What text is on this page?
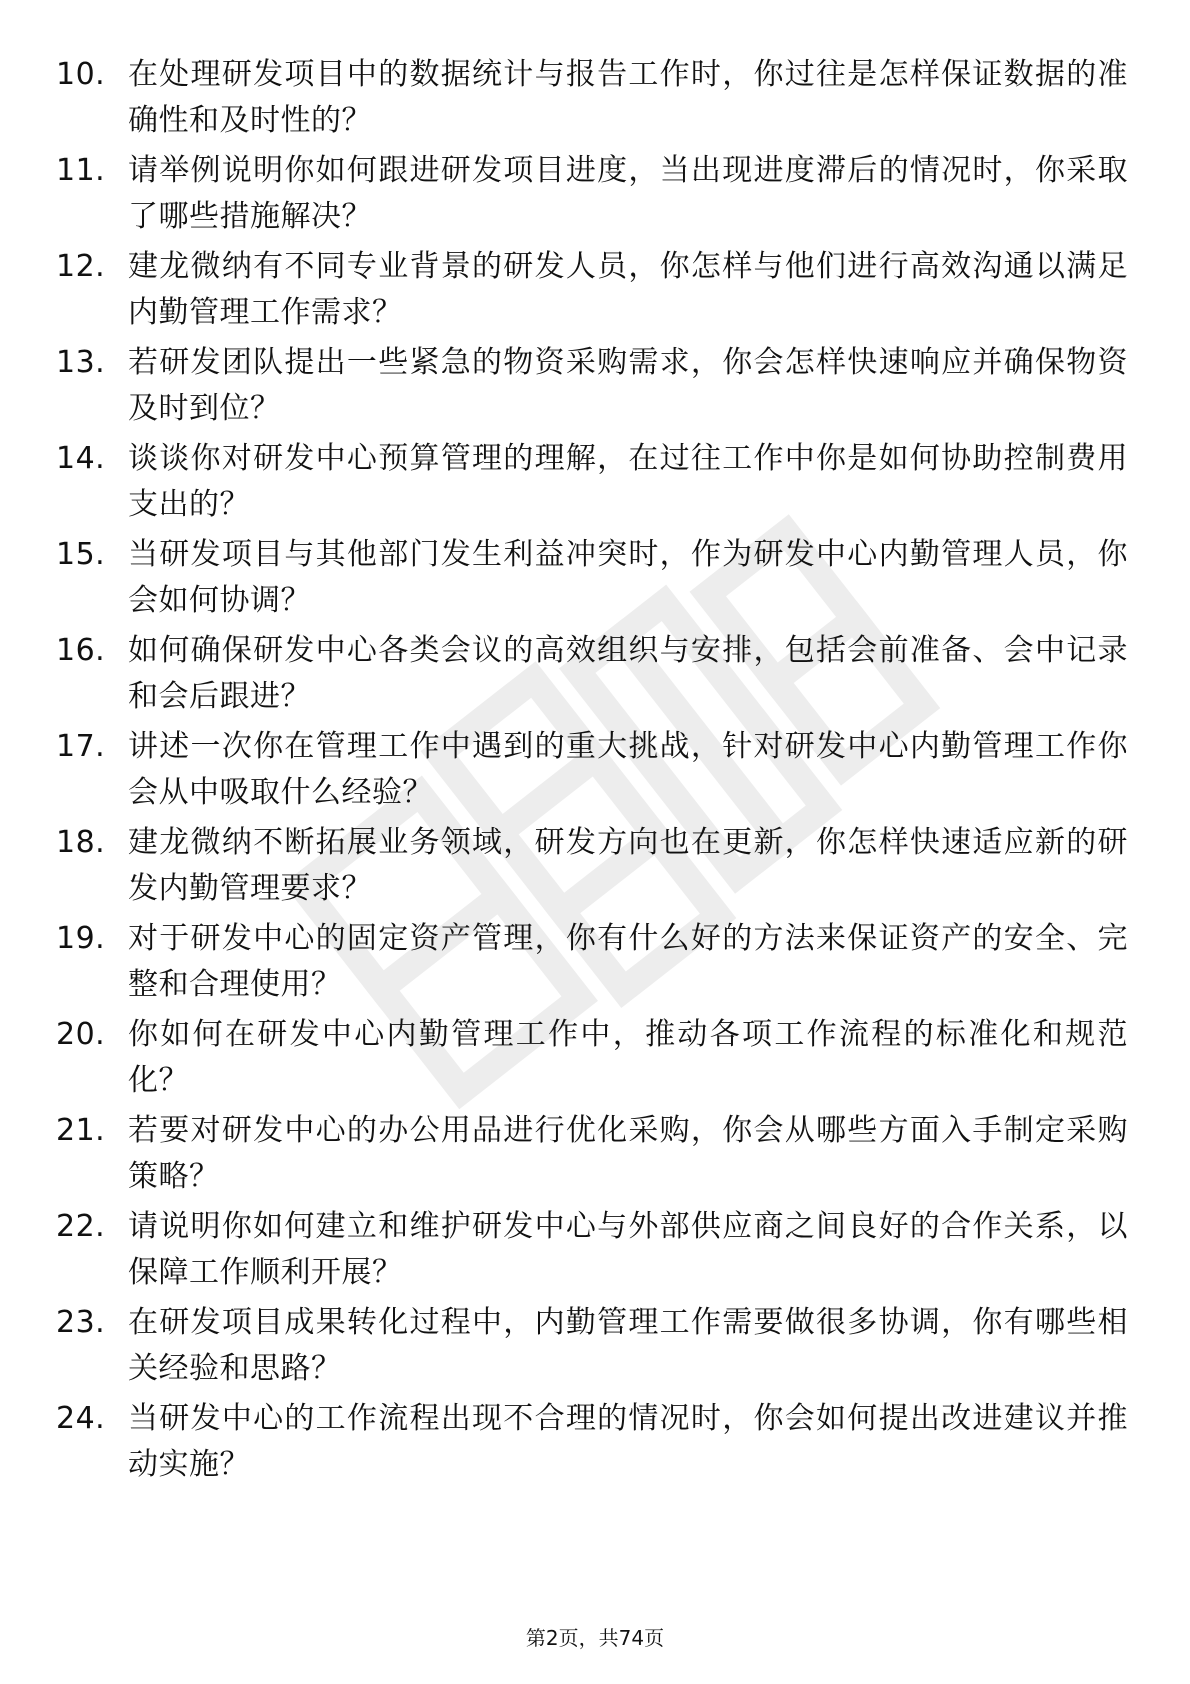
10. 在处理研发项目中的数据统计与报告工作时，你过往是怎样保证数据的准确性和及时性的？
11. 请举例说明你如何跟进研发项目进度，当出现进度滞后的情况时，你采取了哪些措施解决？
12. 建龙微纳有不同专业背景的研发人员，你怎样与他们进行高效沟通以满足内勤管理工作需求？
13. 若研发团队提出一些紧急的物资采购需求，你会怎样快速响应并确保物资及时到位？
14. 谈谈你对研发中心预算管理的理解，在过往工作中你是如何协助控制费用支出的？
15. 当研发项目与其他部门发生利益冲突时，作为研发中心内勤管理人员，你会如何协调？
16. 如何确保研发中心各类会议的高效组织与安排，包括会前准备、会中记录和会后跟进？
17. 讲述一次你在管理工作中遇到的重大挑战，针对研发中心内勤管理工作你会从中吸取什么经验？
18. 建龙微纳不断拓展业务领域，研发方向也在更新，你怎样快速适应新的研发内勤管理要求？
19. 对于研发中心的固定资产管理，你有什么好的方法来保证资产的安全、完整和合理使用？
20. 你如何在研发中心内勤管理工作中，推动各项工作流程的标准化和规范化？
21. 若要对研发中心的办公用品进行优化采购，你会从哪些方面入手制定采购策略？
22. 请说明你如何建立和维护研发中心与外部供应商之间良好的合作关系，以保障工作顺利开展？
23. 在研发项目成果转化过程中，内勤管理工作需要做很多协调，你有哪些相关经验和思路？
24. 当研发中心的工作流程出现不合理的情况时，你会如何提出改进建议并推动实施？
第2页，共74页
